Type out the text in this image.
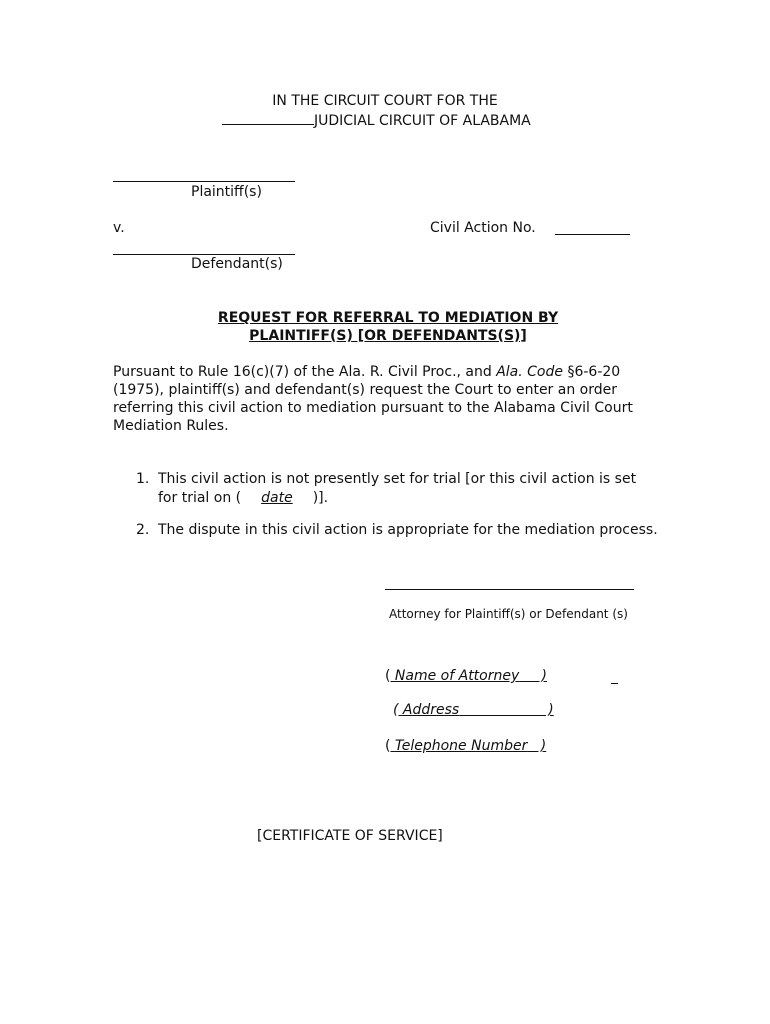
IN THE CIRCUIT COURT FOR THE
JUDICIAL CIRCUIT OF ALABAMA
Plaintiff(s)
v.	Civil Action No.
Defendant(s)
REQUEST FOR REFERRAL TO MEDIATION BY
PLAINTIFF(S) [OR DEFENDANTS(S)]
Pursuant to Rule 16(c)(7) of the Ala. R. Civil Proc., and Ala. Code §6-6-20 (1975), plaintiff(s) and defendant(s) request the Court to enter an order referring this civil action to mediation pursuant to the Alabama Civil Court Mediation Rules.
1. This civil action is not presently set for trial [or this civil action is set for trial on ( date )].
2. The dispute in this civil action is appropriate for the mediation process.
Attorney for Plaintiff(s) or Defendant (s)
( Name of Attorney     )
( Address                    )
( Telephone Number   )
[CERTIFICATE OF SERVICE]
